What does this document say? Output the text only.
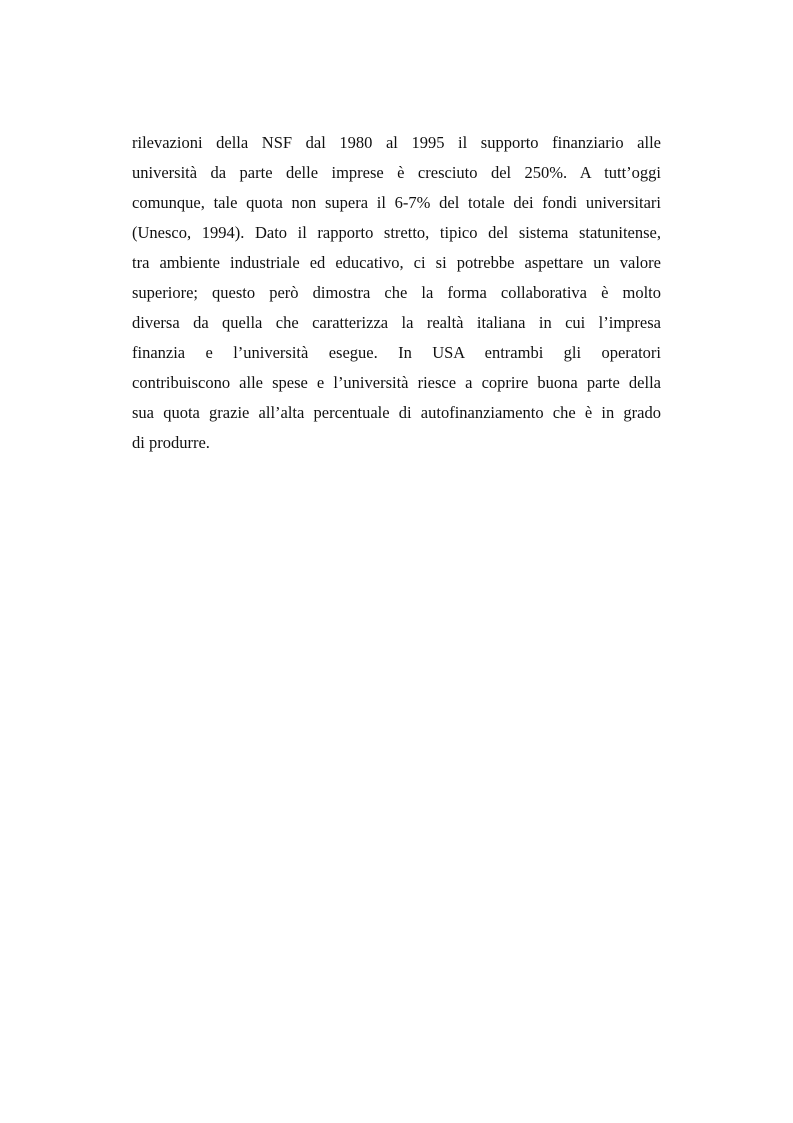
rilevazioni della NSF dal 1980 al 1995 il supporto finanziario alle
università da parte delle imprese è cresciuto del 250%. A tutt’oggi
comunque, tale quota non supera il 6-7% del totale dei fondi universitari
(Unesco, 1994). Dato il rapporto stretto, tipico del sistema statunitense,
tra ambiente industriale ed educativo, ci si potrebbe aspettare un valore
superiore; questo però dimostra che la forma collaborativa è molto
diversa da quella che caratterizza la realtà italiana in cui l’impresa
finanzia e l’università esegue. In USA entrambi gli operatori
contribuiscono alle spese e l’università riesce a coprire buona parte della
sua quota grazie all’alta percentuale di autofinanziamento che è in grado
di produrre.
